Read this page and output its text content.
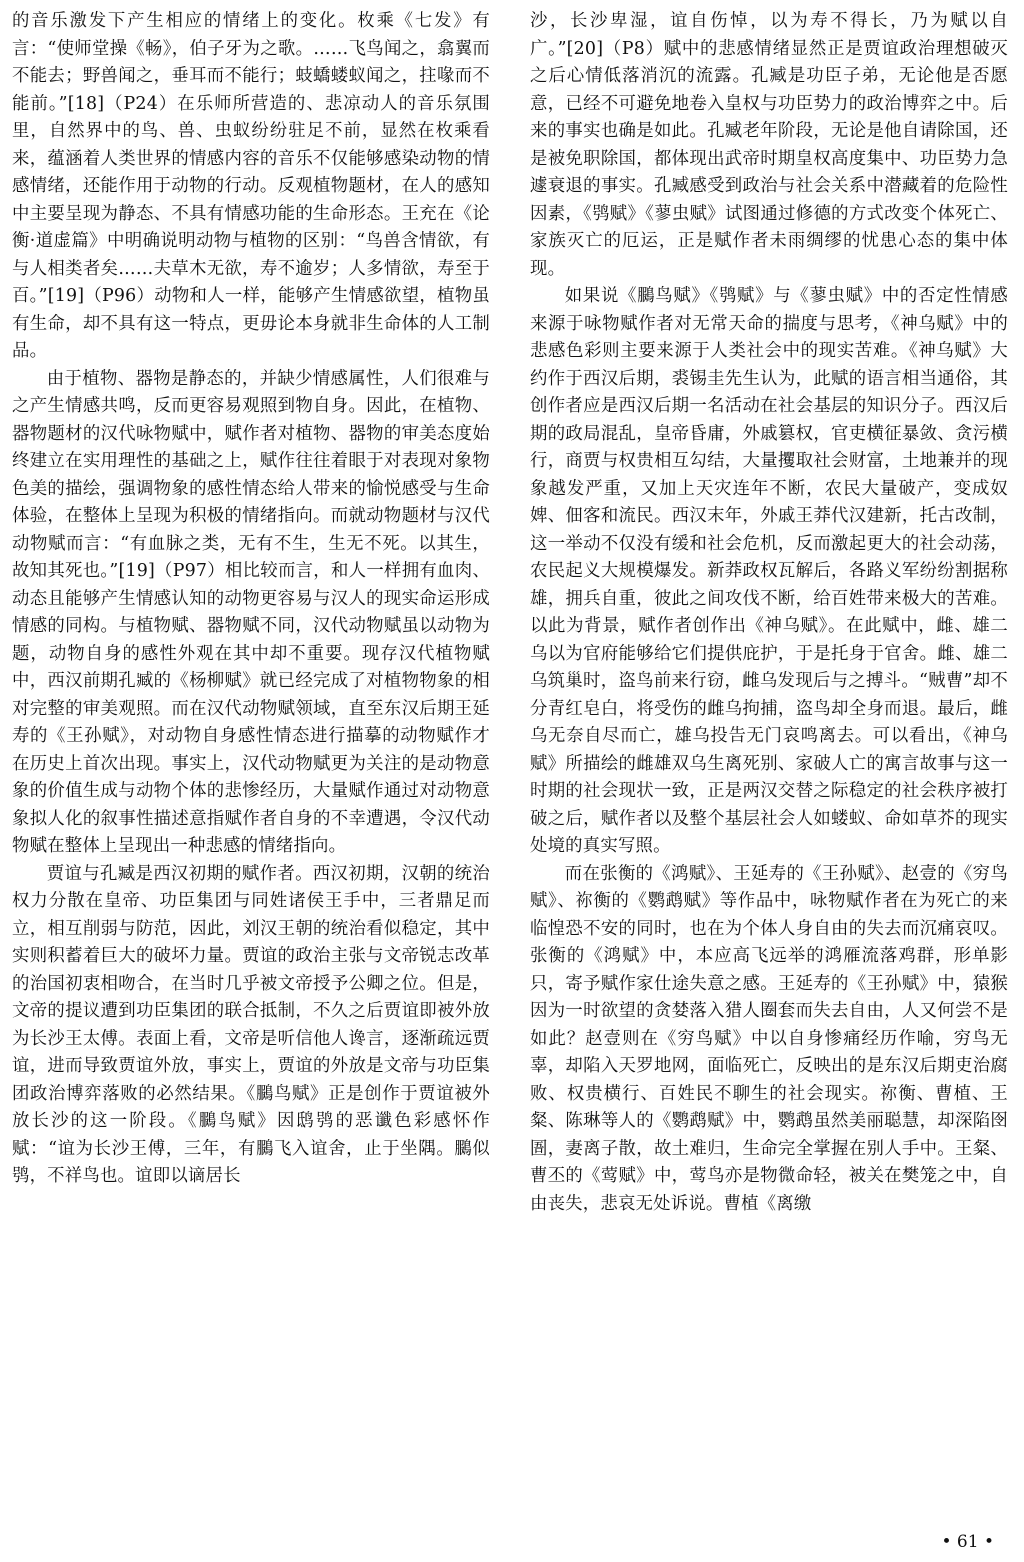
的音乐激发下产生相应的情绪上的变化。枚乘《七发》有言：“使师堂操《畅》，伯子牙为之歌。……飞鸟闻之，翕翼而不能去；野兽闻之，垂耳而不能行；蚑蟜蝼蚁闻之，拄喙而不能前。”[18]（P24）在乐师所营造的、悲凉动人的音乐氛围里，自然界中的鸟、兽、虫蚁纷纷驻足不前，显然在枚乘看来，蕴涵着人类世界的情感内容的音乐不仅能够感染动物的情感情绪，还能作用于动物的行动。反观植物题材，在人的感知中主要呈现为静态、不具有情感功能的生命形态。王充在《论衡·道虚篇》中明确说明动物与植物的区别：“鸟兽含情欲，有与人相类者矣……夫草木无欲，寿不逾岁；人多情欲，寿至于百。”[19]（P96）动物和人一样，能够产生情感欲望，植物虽有生命，却不具有这一特点，更毋论本身就非生命体的人工制品。

由于植物、器物是静态的，并缺少情感属性，人们很难与之产生情感共鸣，反而更容易观照到物自身。因此，在植物、器物题材的汉代咏物赋中，赋作者对植物、器物的审美态度始终建立在实用理性的基础之上，赋作往往着眼于对表现对象物色美的描绘，强调物象的感性情态给人带来的愉悦感受与生命体验，在整体上呈现为积极的情绪指向。而就动物题材与汉代动物赋而言：“有血脉之类，无有不生，生无不死。以其生，故知其死也。”[19]（P97）相比较而言，和人一样拥有血肉、动态且能够产生情感认知的动物更容易与汉人的现实命运形成情感的同构。与植物赋、器物赋不同，汉代动物赋虽以动物为题，动物自身的感性外观在其中却不重要。现存汉代植物赋中，西汉前期孔臧的《杨柳赋》就已经完成了对植物物象的相对完整的审美观照。而在汉代动物赋领域，直至东汉后期王延寿的《王孙赋》，对动物自身感性情态进行描摹的动物赋作才在历史上首次出现。事实上，汉代动物赋更为关注的是动物意象的价值生成与动物个体的悲惨经历，大量赋作通过对动物意象拟人化的叙事性描述意指赋作者自身的不幸遭遇，令汉代动物赋在整体上呈现出一种悲感的情绪指向。

贾谊与孔臧是西汉初期的赋作者。西汉初期，汉朝的统治权力分散在皇帝、功臣集团与同姓诸侯王手中，三者鼎足而立，相互削弱与防范，因此，刘汉王朝的统治看似稳定，其中实则积蓄着巨大的破坏力量。贾谊的政治主张与文帝锐志改革的治国初衷相吻合，在当时几乎被文帝授予公卿之位。但是，文帝的提议遭到功臣集团的联合抵制，不久之后贾谊即被外放为长沙王太傅。表面上看，文帝是听信他人谗言，逐渐疏远贾谊，进而导致贾谊外放，事实上，贾谊的外放是文帝与功臣集团政治博弈落败的必然结果。《鵩鸟赋》正是创作于贾谊被外放长沙的这一阶段。《鵩鸟赋》因鸱鸮的恶谶色彩感怀作赋：“谊为长沙王傅，三年，有鵩飞入谊舍，止于坐隅。鵩似鸮，不祥鸟也。谊即以谪居长

沙，长沙卑湿，谊自伤悼，以为寿不得长，乃为赋以自广。”[20]（P8）赋中的悲感情绪显然正是贾谊政治理想破灭之后心情低落消沉的流露。孔臧是功臣子弟，无论他是否愿意，已经不可避免地卷入皇权与功臣势力的政治博弈之中。后来的事实也确是如此。孔臧老年阶段，无论是他自请除国，还是被免职除国，都体现出武帝时期皇权高度集中、功臣势力急遽衰退的事实。孔臧感受到政治与社会关系中潜藏着的危险性因素，《鸮赋》《蓼虫赋》试图通过修德的方式改变个体死亡、家族灭亡的厄运，正是赋作者未雨绸缪的忧患心态的集中体现。

如果说《鵩鸟赋》《鸮赋》与《蓼虫赋》中的否定性情感来源于咏物赋作者对无常天命的揣度与思考，《神乌赋》中的悲感色彩则主要来源于人类社会中的现实苦难。《神乌赋》大约作于西汉后期，裘锡圭先生认为，此赋的语言相当通俗，其创作者应是西汉后期一名活动在社会基层的知识分子。西汉后期的政局混乱，皇帝昏庸，外戚篡权，官吏横征暴敛、贪污横行，商贾与权贵相互勾结，大量攫取社会财富，土地兼并的现象越发严重，又加上天灾连年不断，农民大量破产，变成奴婢、佃客和流民。西汉末年，外戚王莽代汉建新，托古改制，这一举动不仅没有缓和社会危机，反而激起更大的社会动荡，农民起义大规模爆发。新莽政权瓦解后，各路义军纷纷割据称雄，拥兵自重，彼此之间攻伐不断，给百姓带来极大的苦难。以此为背景，赋作者创作出《神乌赋》。在此赋中，雌、雄二乌以为官府能够给它们提供庇护，于是托身于官舍。雌、雄二乌筑巢时，盗鸟前来行窃，雌乌发现后与之搏斗。“贼曹”却不分青红皂白，将受伤的雌乌拘捕，盗鸟却全身而退。最后，雌乌无奈自尽而亡，雄乌投告无门哀鸣离去。可以看出，《神乌赋》所描绘的雌雄双乌生离死别、家破人亡的寓言故事与这一时期的社会现状一致，正是两汉交替之际稳定的社会秩序被打破之后，赋作者以及整个基层社会人如蝼蚁、命如草芥的现实处境的真实写照。

而在张衡的《鸿赋》、王延寿的《王孙赋》、赵壹的《穷鸟赋》、祢衡的《鹦鹉赋》等作品中，咏物赋作者在为死亡的来临惶恐不安的同时，也在为个体人身自由的失去而沉痛哀叹。张衡的《鸿赋》中，本应高飞远举的鸿雁流落鸡群，形单影只，寄予赋作家仕途失意之感。王延寿的《王孙赋》中，猿猴因为一时欲望的贪婪落入猎人圈套而失去自由，人又何尝不是如此？赵壹则在《穷鸟赋》中以自身惨痛经历作喻，穷鸟无辜，却陷入天罗地网，面临死亡，反映出的是东汉后期吏治腐败、权贵横行、百姓民不聊生的社会现实。祢衡、曹植、王粲、陈琳等人的《鹦鹉赋》中，鹦鹉虽然美丽聪慧，却深陷囹圄，妻离子散，故土难归，生命完全掌握在别人手中。王粲、曹丕的《莺赋》中，莺鸟亦是物微命轻，被关在樊笼之中，自由丧失，悲哀无处诉说。曹植《离缴

• 61 •
